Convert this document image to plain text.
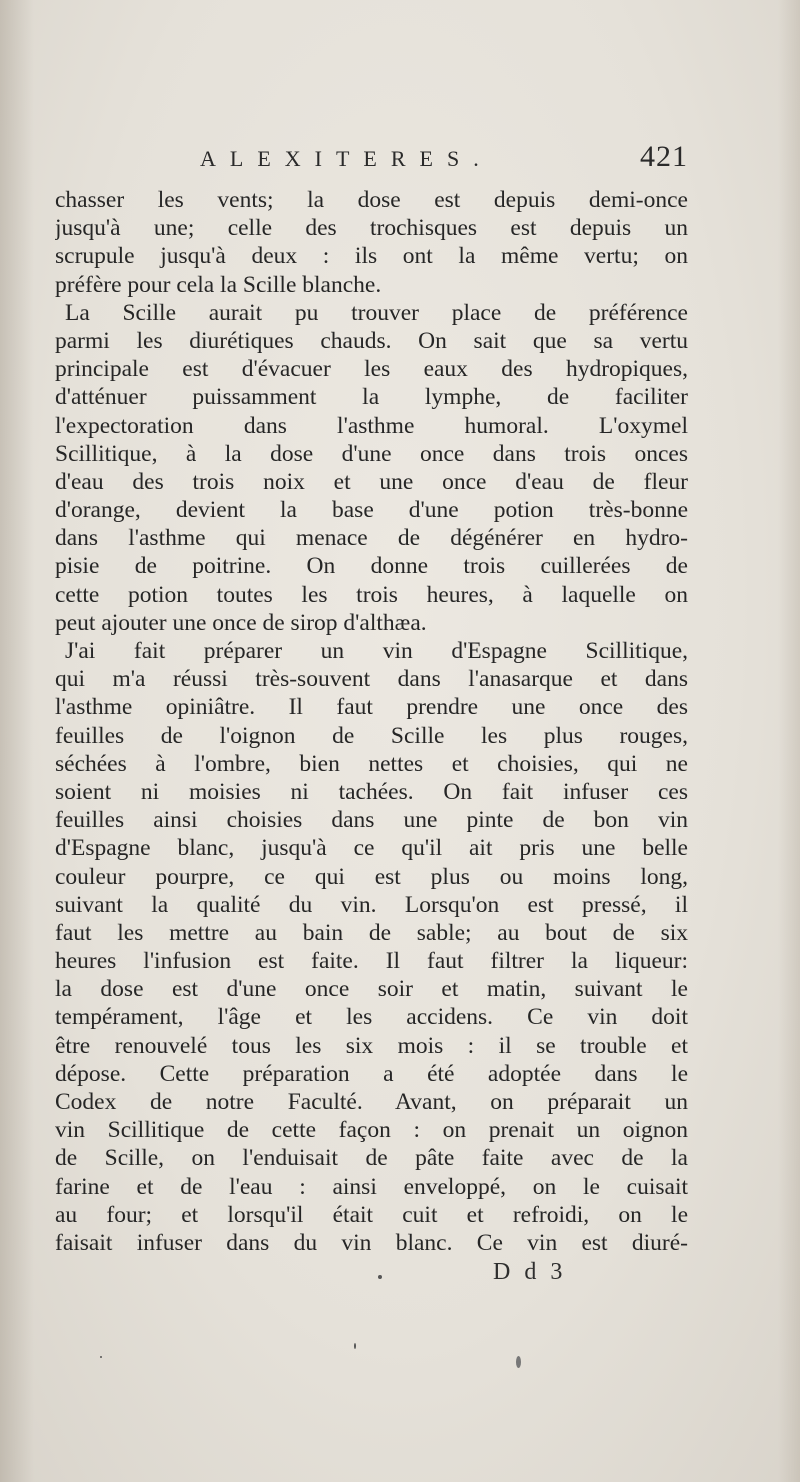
ALEXITERES.	421
chasser les vents; la dose est depuis demi-once
jusqu'à une; celle des trochisques est depuis un
scrupule jusqu'à deux : ils ont la même vertu; on
préfère pour cela la Scille blanche.
La Scille aurait pu trouver place de préférence
parmi les diurétiques chauds. On sait que sa vertu
principale est d'évacuer les eaux des hydropiques,
d'atténuer puissamment la lymphe, de faciliter
l'expectoration dans l'asthme humoral. L'oxymel
Scillitique, à la dose d'une once dans trois onces
d'eau des trois noix et une once d'eau de fleur
d'orange, devient la base d'une potion très-bonne
dans l'asthme qui menace de dégénérer en hydro-
pisie de poitrine. On donne trois cuillerées de
cette potion toutes les trois heures, à laquelle on
peut ajouter une once de sirop d'althæa.
J'ai fait préparer un vin d'Espagne Scillitique,
qui m'a réussi très-souvent dans l'anasarque et dans
l'asthme opiniâtre. Il faut prendre une once des
feuilles de l'oignon de Scille les plus rouges,
séchées à l'ombre, bien nettes et choisies, qui ne
soient ni moisies ni tachées. On fait infuser ces
feuilles ainsi choisies dans une pinte de bon vin
d'Espagne blanc, jusqu'à ce qu'il ait pris une belle
couleur pourpre, ce qui est plus ou moins long,
suivant la qualité du vin. Lorsqu'on est pressé, il
faut les mettre au bain de sable; au bout de six
heures l'infusion est faite. Il faut filtrer la liqueur:
la dose est d'une once soir et matin, suivant le
tempérament, l'âge et les accidens. Ce vin doit
être renouvelé tous les six mois : il se trouble et
dépose. Cette préparation a été adoptée dans le
Codex de notre Faculté. Avant, on préparait un
vin Scillitique de cette façon : on prenait un oignon
de Scille, on l'enduisait de pâte faite avec de la
farine et de l'eau : ainsi enveloppé, on le cuisait
au four; et lorsqu'il était cuit et refroidi, on le
faisait infuser dans du vin blanc. Ce vin est diuré-
D d 3
